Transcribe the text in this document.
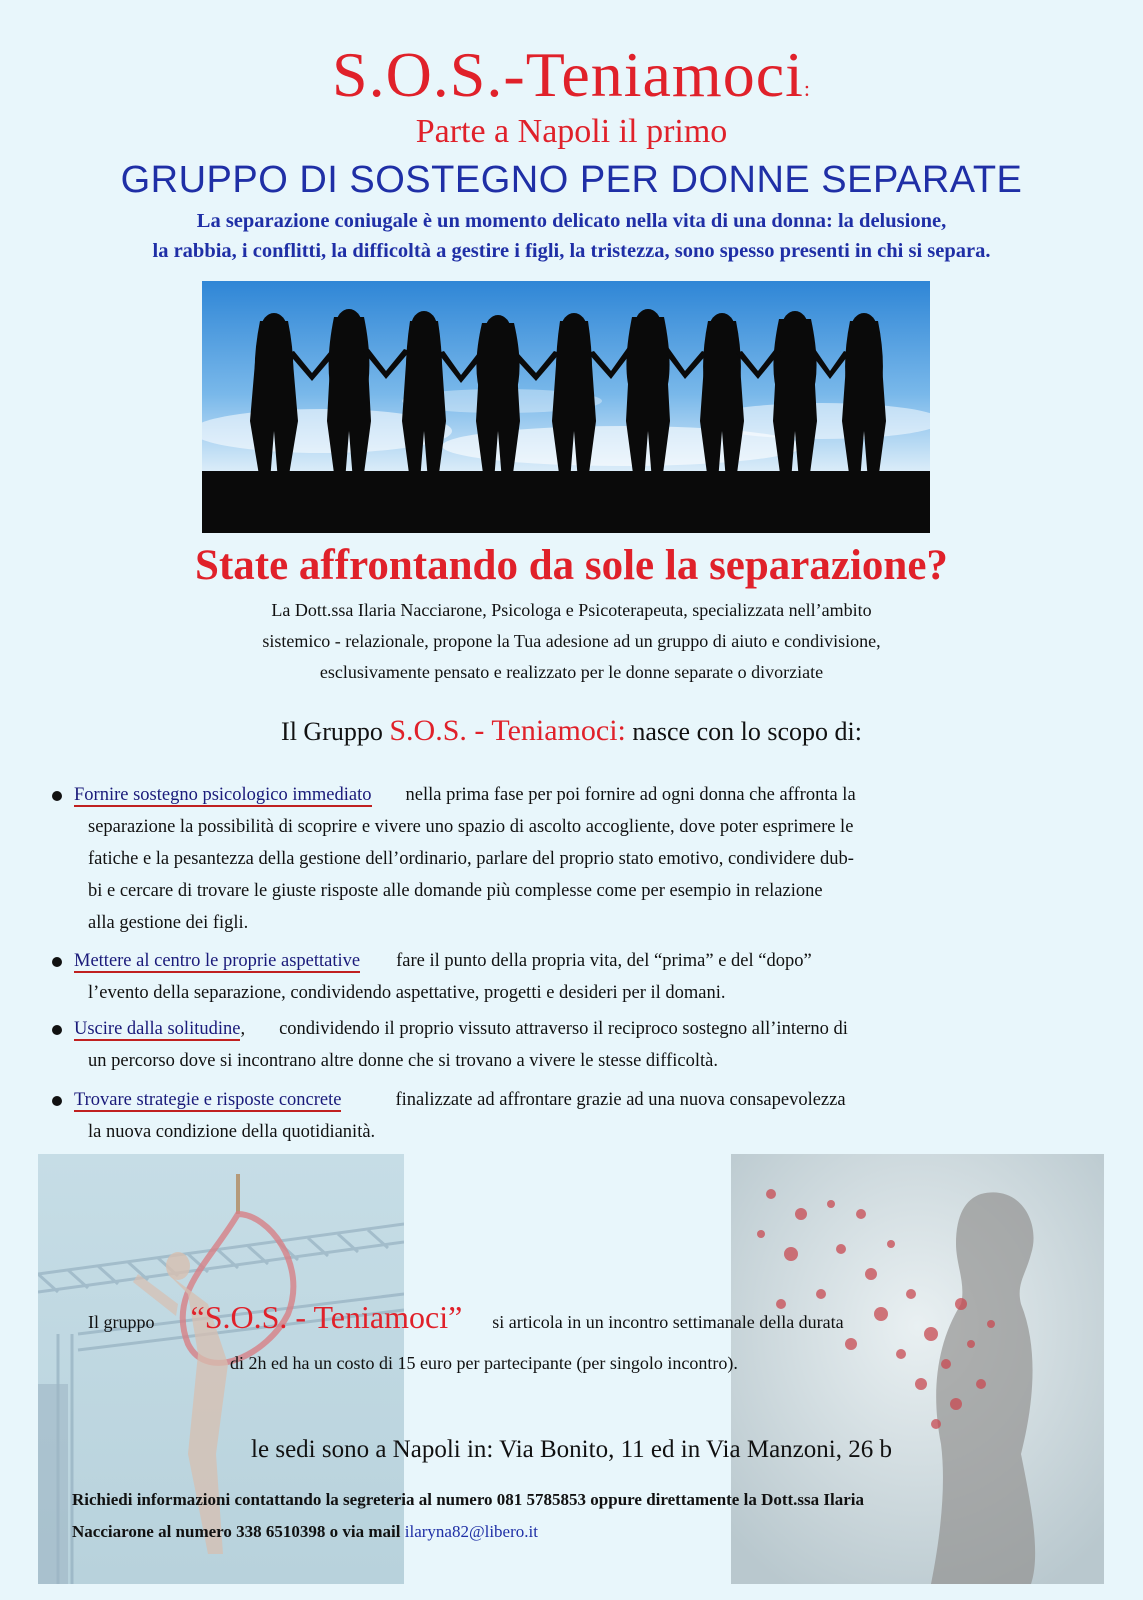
S.O.S.-Teniamoci:
Parte a Napoli il primo
GRUPPO DI SOSTEGNO PER DONNE SEPARATE
La separazione coniugale è un momento delicato nella vita di una donna: la delusione,
la rabbia, i conflitti, la difficoltà a gestire i figli, la tristezza, sono spesso presenti in chi si separa.
State affrontando da sole la separazione?
La Dott.ssa Ilaria Nacciarone, Psicologa e Psicoterapeuta, specializzata nell’ambito
sistemico - relazionale, propone la Tua adesione ad un gruppo di aiuto e condivisione,
esclusivamente pensato e realizzato per le donne separate o divorziate
Il Gruppo S.O.S. - Teniamoci: nasce con lo scopo di:
Fornire sostegno psicologico immediato nella prima fase per poi fornire ad ogni donna che affronta la
separazione la possibilità di scoprire e vivere uno spazio di ascolto accogliente, dove poter esprimere le
fatiche e la pesantezza della gestione dell’ordinario, parlare del proprio stato emotivo, condividere dub-
bi e cercare di trovare le giuste risposte alle domande più complesse come per esempio in relazione
alla gestione dei figli.
Mettere al centro le proprie aspettative fare il punto della propria vita, del “prima” e del “dopo”
l’evento della separazione, condividendo aspettative, progetti e desideri per il domani.
Uscire dalla solitudine, condividendo il proprio vissuto attraverso il reciproco sostegno all’interno di
un percorso dove si incontrano altre donne che si trovano a vivere le stesse difficoltà.
Trovare strategie e risposte concrete	finalizzate ad affrontare grazie ad una nuova consapevolezza
la nuova condizione della quotidianità.
Il gruppo “S.O.S. - Teniamoci” si articola in un incontro settimanale della durata
di 2h ed ha un costo di 15 euro per partecipante (per singolo incontro).
le sedi sono a Napoli in: Via Bonito, 11 ed in Via Manzoni, 26 b
Richiedi informazioni contattando la segreteria al numero 081 5785853 oppure direttamente la Dott.ssa Ilaria
Nacciarone al numero 338 6510398 o via mail ilaryna82@libero.it
